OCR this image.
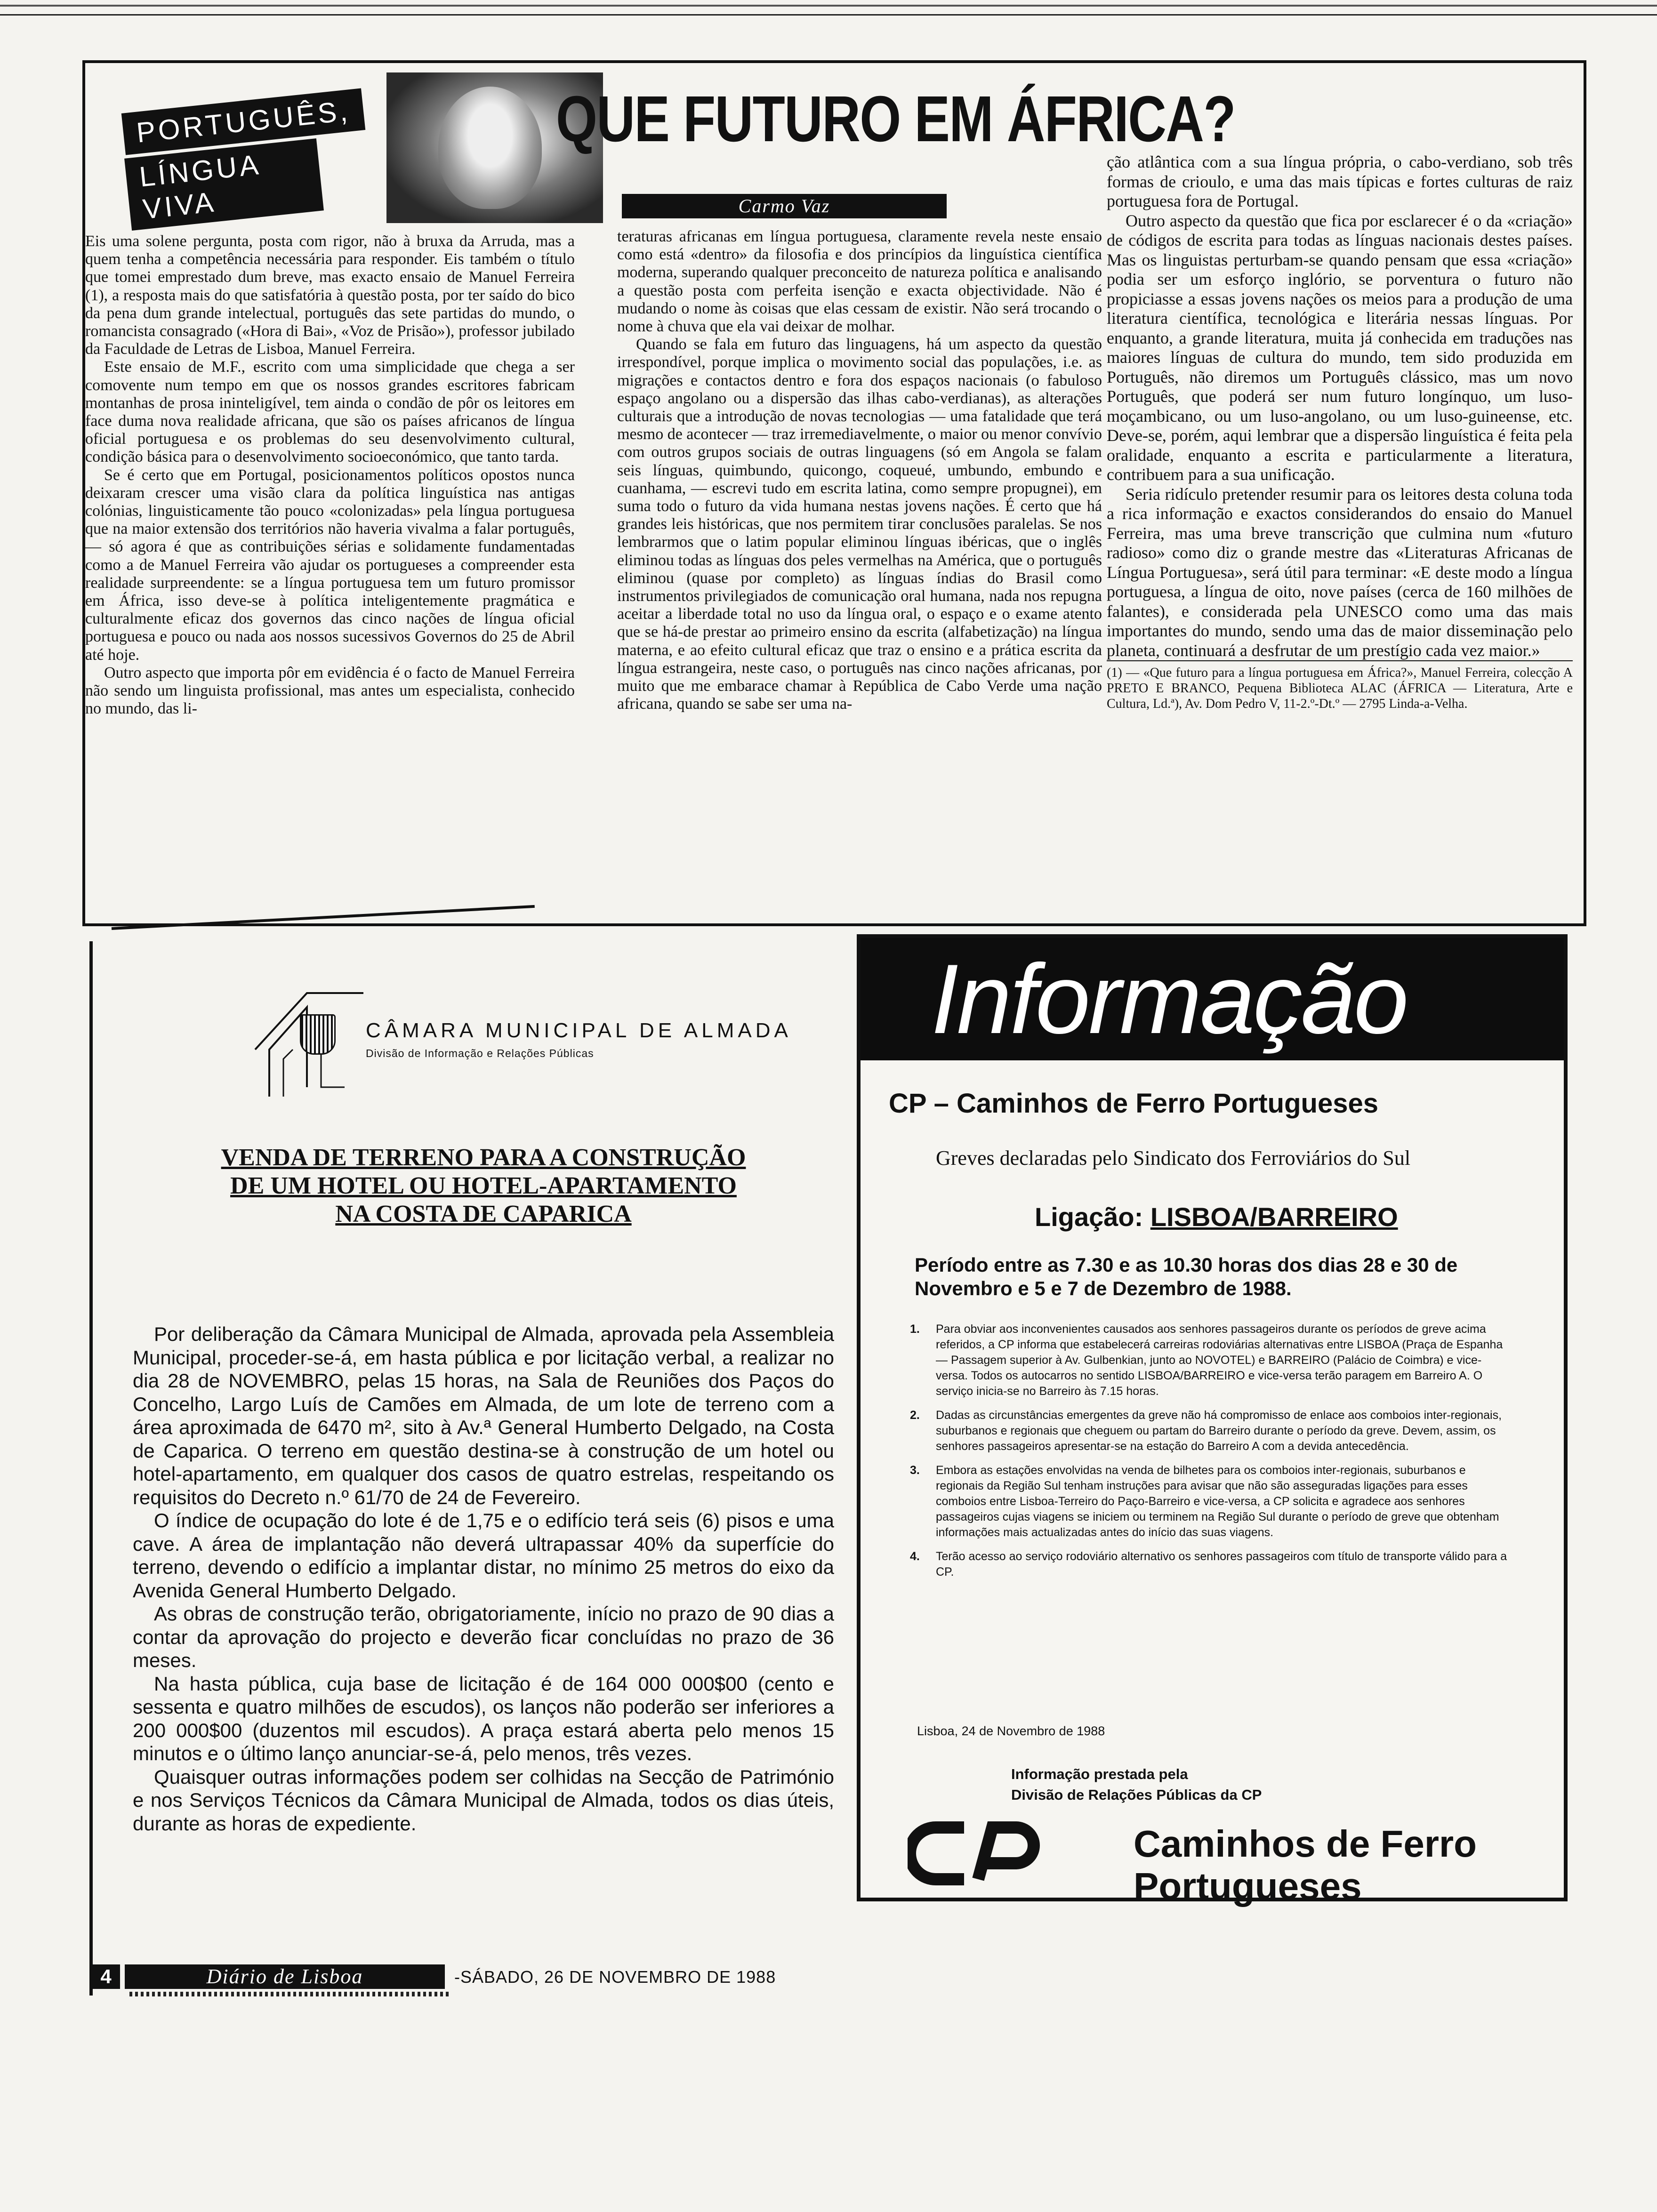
PORTUGUÊS,
LÍNGUA VIVA
QUE FUTURO EM ÁFRICA?
Carmo Vaz

Eis uma solene pergunta, posta com rigor, não à bruxa da Arruda, mas a quem tenha a competência necessária para responder. Eis também o título que tomei emprestado dum breve, mas exacto ensaio de Manuel Ferreira (1), a resposta mais do que satisfatória à questão posta, por ter saído do bico da pena dum grande intelectual, português das sete partidas do mundo, o romancista consagrado («Hora di Bai», «Voz de Prisão»), professor jubilado da Faculdade de Letras de Lisboa, Manuel Ferreira.

Este ensaio de M.F., escrito com uma simplicidade que chega a ser comovente num tempo em que os nossos grandes escritores fabricam montanhas de prosa ininteligível, tem ainda o condão de pôr os leitores em face duma nova realidade africana, que são os países africanos de língua oficial portuguesa e os problemas do seu desenvolvimento cultural, condição básica para o desenvolvimento socioeconómico, que tanto tarda.

Se é certo que em Portugal, posicionamentos políticos opostos nunca deixaram crescer uma visão clara da política linguística nas antigas colónias, linguisticamente tão pouco «colonizadas» pela língua portuguesa que na maior extensão dos territórios não haveria vivalma a falar português, — só agora é que as contribuições sérias e solidamente fundamentadas como a de Manuel Ferreira vão ajudar os portugueses a compreender esta realidade surpreendente: se a língua portuguesa tem um futuro promissor em África, isso deve-se à política inteligentemente pragmática e culturalmente eficaz dos governos das cinco nações de língua oficial portuguesa e pouco ou nada aos nossos sucessivos Governos do 25 de Abril até hoje.

Outro aspecto que importa pôr em evidência é o facto de Manuel Ferreira não sendo um linguista profissional, mas antes um especialista, conhecido no mundo, das li-

teraturas africanas em língua portuguesa, claramente revela neste ensaio como está «dentro» da filosofia e dos princípios da linguística científica moderna, superando qualquer preconceito de natureza política e analisando a questão posta com perfeita isenção e exacta objectividade. Não é mudando o nome às coisas que elas cessam de existir. Não será trocando o nome à chuva que ela vai deixar de molhar.

Quando se fala em futuro das linguagens, há um aspecto da questão irrespondível, porque implica o movimento social das populações, i.e. as migrações e contactos dentro e fora dos espaços nacionais (o fabuloso espaço angolano ou a dispersão das ilhas cabo-verdianas), as alterações culturais que a introdução de novas tecnologias — uma fatalidade que terá mesmo de acontecer — traz irremediavelmente, o maior ou menor convívio com outros grupos sociais de outras linguagens (só em Angola se falam seis línguas, quimbundo, quicongo, coqueué, umbundo, embundo e cuanhama, — escrevi tudo em escrita latina, como sempre propugnei), em suma todo o futuro da vida humana nestas jovens nações. É certo que há grandes leis históricas, que nos permitem tirar conclusões paralelas. Se nos lembrarmos que o latim popular eliminou línguas ibéricas, que o inglês eliminou todas as línguas dos peles vermelhas na América, que o português eliminou (quase por completo) as línguas índias do Brasil como instrumentos privilegiados de comunicação oral humana, nada nos repugna aceitar a liberdade total no uso da língua oral, o espaço e o exame atento que se há-de prestar ao primeiro ensino da escrita (alfabetização) na língua materna, e ao efeito cultural eficaz que traz o ensino e a prática escrita da língua estrangeira, neste caso, o português nas cinco nações africanas, por muito que me embarace chamar à República de Cabo Verde uma nação africana, quando se sabe ser uma na-

ção atlântica com a sua língua própria, o cabo-verdiano, sob três formas de crioulo, e uma das mais típicas e fortes culturas de raiz portuguesa fora de Portugal.

Outro aspecto da questão que fica por esclarecer é o da «criação» de códigos de escrita para todas as línguas nacionais destes países. Mas os linguistas perturbam-se quando pensam que essa «criação» podia ser um esforço inglório, se porventura o futuro não propiciasse a essas jovens nações os meios para a produção de uma literatura científica, tecnológica e literária nessas línguas. Por enquanto, a grande literatura, muita já conhecida em traduções nas maiores línguas de cultura do mundo, tem sido produzida em Português, não diremos um Português clássico, mas um novo Português, que poderá ser num futuro longínquo, um luso-moçambicano, ou um luso-angolano, ou um luso-guineense, etc. Deve-se, porém, aqui lembrar que a dispersão linguística é feita pela oralidade, enquanto a escrita e particularmente a literatura, contribuem para a sua unificação.

Seria ridículo pretender resumir para os leitores desta coluna toda a rica informação e exactos considerandos do ensaio do Manuel Ferreira, mas uma breve transcrição que culmina num «futuro radioso» como diz o grande mestre das «Literaturas Africanas de Língua Portuguesa», será útil para terminar: «E deste modo a língua portuguesa, a língua de oito, nove países (cerca de 160 milhões de falantes), e considerada pela UNESCO como uma das mais importantes do mundo, sendo uma das de maior disseminação pelo planeta, continuará a desfrutar de um prestígio cada vez maior.»

(1) — «Que futuro para a língua portuguesa em África?», Manuel Ferreira, colecção A PRETO E BRANCO, Pequena Biblioteca ALAC (ÁFRICA — Literatura, Arte e Cultura, Ld.ª), Av. Dom Pedro V, 11-2.º-Dt.º — 2795 Linda-a-Velha.

CÂMARA MUNICIPAL DE ALMADA
Divisão de Informação e Relações Públicas
VENDA DE TERRENO PARA A CONSTRUÇÃO
DE UM HOTEL OU HOTEL-APARTAMENTO
NA COSTA DE CAPARICA

Por deliberação da Câmara Municipal de Almada, aprovada pela Assembleia Municipal, proceder-se-á, em hasta pública e por licitação verbal, a realizar no dia 28 de NOVEMBRO, pelas 15 horas, na Sala de Reuniões dos Paços do Concelho, Largo Luís de Camões em Almada, de um lote de terreno com a área aproximada de 6470 m², sito à Av.ª General Humberto Delgado, na Costa de Caparica. O terreno em questão destina-se à construção de um hotel ou hotel-apartamento, em qualquer dos casos de quatro estrelas, respeitando os requisitos do Decreto n.º 61/70 de 24 de Fevereiro.

O índice de ocupação do lote é de 1,75 e o edifício terá seis (6) pisos e uma cave. A área de implantação não deverá ultrapassar 40% da superfície do terreno, devendo o edifício a implantar distar, no mínimo 25 metros do eixo da Avenida General Humberto Delgado.

As obras de construção terão, obrigatoriamente, início no prazo de 90 dias a contar da aprovação do projecto e deverão ficar concluídas no prazo de 36 meses.

Na hasta pública, cuja base de licitação é de 164 000 000$00 (cento e sessenta e quatro milhões de escudos), os lanços não poderão ser inferiores a 200 000$00 (duzentos mil escudos). A praça estará aberta pelo menos 15 minutos e o último lanço anunciar-se-á, pelo menos, três vezes.

Quaisquer outras informações podem ser colhidas na Secção de Património e nos Serviços Técnicos da Câmara Municipal de Almada, todos os dias úteis, durante as horas de expediente.

Informação
CP – Caminhos de Ferro Portugueses
Greves declaradas pelo Sindicato dos Ferroviários do Sul
Ligação: LISBOA/BARREIRO
Período entre as 7.30 e as 10.30 horas dos dias 28 e 30 de Novembro e 5 e 7 de Dezembro de 1988.
1. Para obviar aos inconvenientes causados aos senhores passageiros durante os períodos de greve acima referidos, a CP informa que estabelecerá carreiras rodoviárias alternativas entre LISBOA (Praça de Espanha — Passagem superior à Av. Gulbenkian, junto ao NOVOTEL) e BARREIRO (Palácio de Coimbra) e vice-versa. Todos os autocarros no sentido LISBOA/BARREIRO e vice-versa terão paragem em Barreiro A. O serviço inicia-se no Barreiro às 7.15 horas.
2. Dadas as circunstâncias emergentes da greve não há compromisso de enlace aos comboios inter-regionais, suburbanos e regionais que cheguem ou partam do Barreiro durante o período da greve. Devem, assim, os senhores passageiros apresentar-se na estação do Barreiro A com a devida antecedência.
3. Embora as estações envolvidas na venda de bilhetes para os comboios inter-regionais, suburbanos e regionais da Região Sul tenham instruções para avisar que não são asseguradas ligações para esses comboios entre Lisboa-Terreiro do Paço-Barreiro e vice-versa, a CP solicita e agradece aos senhores passageiros cujas viagens se iniciem ou terminem na Região Sul durante o período de greve que obtenham informações mais actualizadas antes do início das suas viagens.
4. Terão acesso ao serviço rodoviário alternativo os senhores passageiros com título de transporte válido para a CP.
Lisboa, 24 de Novembro de 1988
Informação prestada pela
Divisão de Relações Públicas da CP
Caminhos de Ferro
Portugueses
4	Diário de Lisboa	-SÁBADO, 26 DE NOVEMBRO DE 1988
